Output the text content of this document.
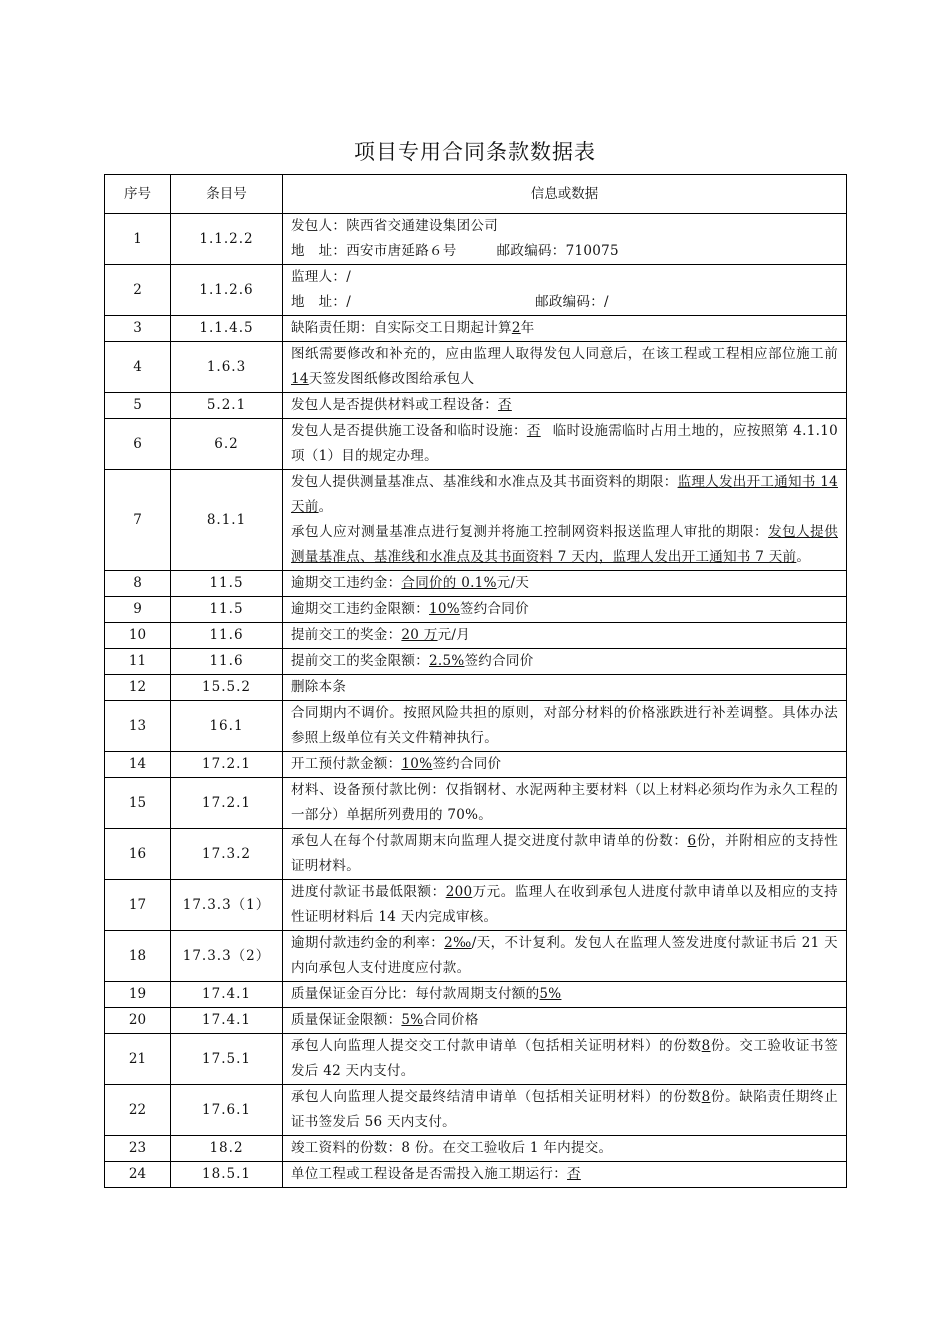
项目专用合同条款数据表
序号	条目号	信息或数据
1	1.1.2.2	发包人：陕西省交通建设集团公司
地　址：西安市唐延路６号 邮政编码：710075
2	1.1.2.6	监理人：/
地　址：/ 邮政编码：/
3	1.1.4.5	缺陷责任期：自实际交工日期起计算2年
4	1.6.3	图纸需要修改和补充的，应由监理人取得发包人同意后，在该工程或工程相应部位施工前14天签发图纸修改图给承包人
5	5.2.1	发包人是否提供材料或工程设备：否
6	6.2	发包人是否提供施工设备和临时设施：否 临时设施需临时占用土地的，应按照第 4.1.10 项（1）目的规定办理。
7	8.1.1	发包人提供测量基准点、基准线和水准点及其书面资料的期限：监理人发出开工通知书 14 天前。
承包人应对测量基准点进行复测并将施工控制网资料报送监理人审批的期限：发包人提供测量基准点、基准线和水准点及其书面资料 7 天内，监理人发出开工通知书 7 天前。
8	11.5	逾期交工违约金：合同价的 0.1%元/天
9	11.5	逾期交工违约金限额：10%签约合同价
10	11.6	提前交工的奖金：20 万元/月
11	11.6	提前交工的奖金限额：2.5%签约合同价
12	15.5.2	删除本条
13	16.1	合同期内不调价。按照风险共担的原则，对部分材料的价格涨跌进行补差调整。具体办法参照上级单位有关文件精神执行。
14	17.2.1	开工预付款金额：10%签约合同价
15	17.2.1	材料、设备预付款比例：仅指钢材、水泥两种主要材料（以上材料必须均作为永久工程的一部分）单据所列费用的 70%。
16	17.3.2	承包人在每个付款周期末向监理人提交进度付款申请单的份数：6份，并附相应的支持性证明材料。
17	17.3.3（1）	进度付款证书最低限额：200万元。监理人在收到承包人进度付款申请单以及相应的支持性证明材料后 14 天内完成审核。
18	17.3.3（2）	逾期付款违约金的利率：2‰/天，不计复利。发包人在监理人签发进度付款证书后 21 天内向承包人支付进度应付款。
19	17.4.1	质量保证金百分比：每付款周期支付额的5%
20	17.4.1	质量保证金限额：5%合同价格
21	17.5.1	承包人向监理人提交交工付款申请单（包括相关证明材料）的份数8份。交工验收证书签发后 42 天内支付。
22	17.6.1	承包人向监理人提交最终结清申请单（包括相关证明材料）的份数8份。缺陷责任期终止证书签发后 56 天内支付。
23	18.2	竣工资料的份数：8 份。在交工验收后 1 年内提交。
24	18.5.1	单位工程或工程设备是否需投入施工期运行：否
